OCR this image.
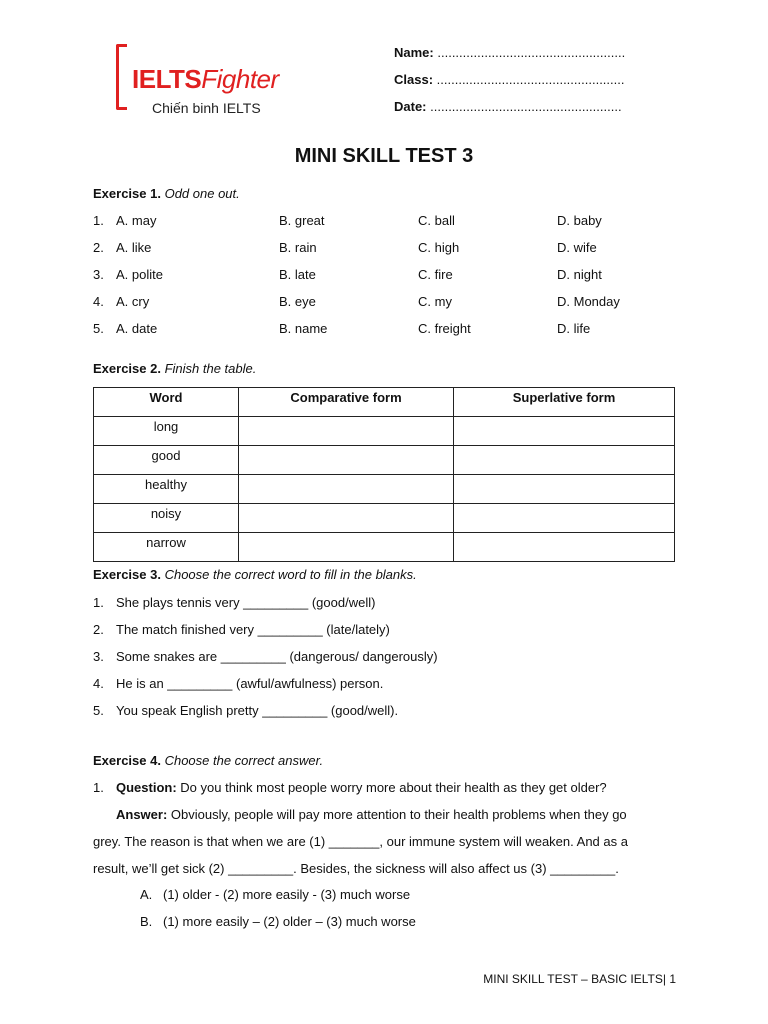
IELTSFighter
Chiến binh IELTS
Name: ....................................................
Class: ....................................................
Date: .....................................................
MINI SKILL TEST 3
Exercise 1. Odd one out.
1. A. may	B. great	C. ball	D. baby
2. A. like	B. rain	C. high	D. wife
3. A. polite	B. late	C. fire	D. night
4. A. cry	B. eye	C. my	D. Monday
5. A. date	B. name	C. freight	D. life
Exercise 2. Finish the table.
Word	Comparative form	Superlative form
long		
good		
healthy		
noisy		
narrow		
Exercise 3. Choose the correct word to fill in the blanks.
1. She plays tennis very _________ (good/well)
2. The match finished very _________ (late/lately)
3. Some snakes are _________ (dangerous/ dangerously)
4. He is an _________ (awful/awfulness) person.
5. You speak English pretty _________ (good/well).
Exercise 4. Choose the correct answer.
1. Question: Do you think most people worry more about their health as they get older?
Answer: Obviously, people will pay more attention to their health problems when they go
grey. The reason is that when we are (1) _______, our immune system will weaken. And as a
result, we’ll get sick (2) _________. Besides, the sickness will also affect us (3) _________.
A. (1) older - (2) more easily - (3) much worse
B. (1) more easily – (2) older – (3) much worse
MINI SKILL TEST – BASIC IELTS| 1
